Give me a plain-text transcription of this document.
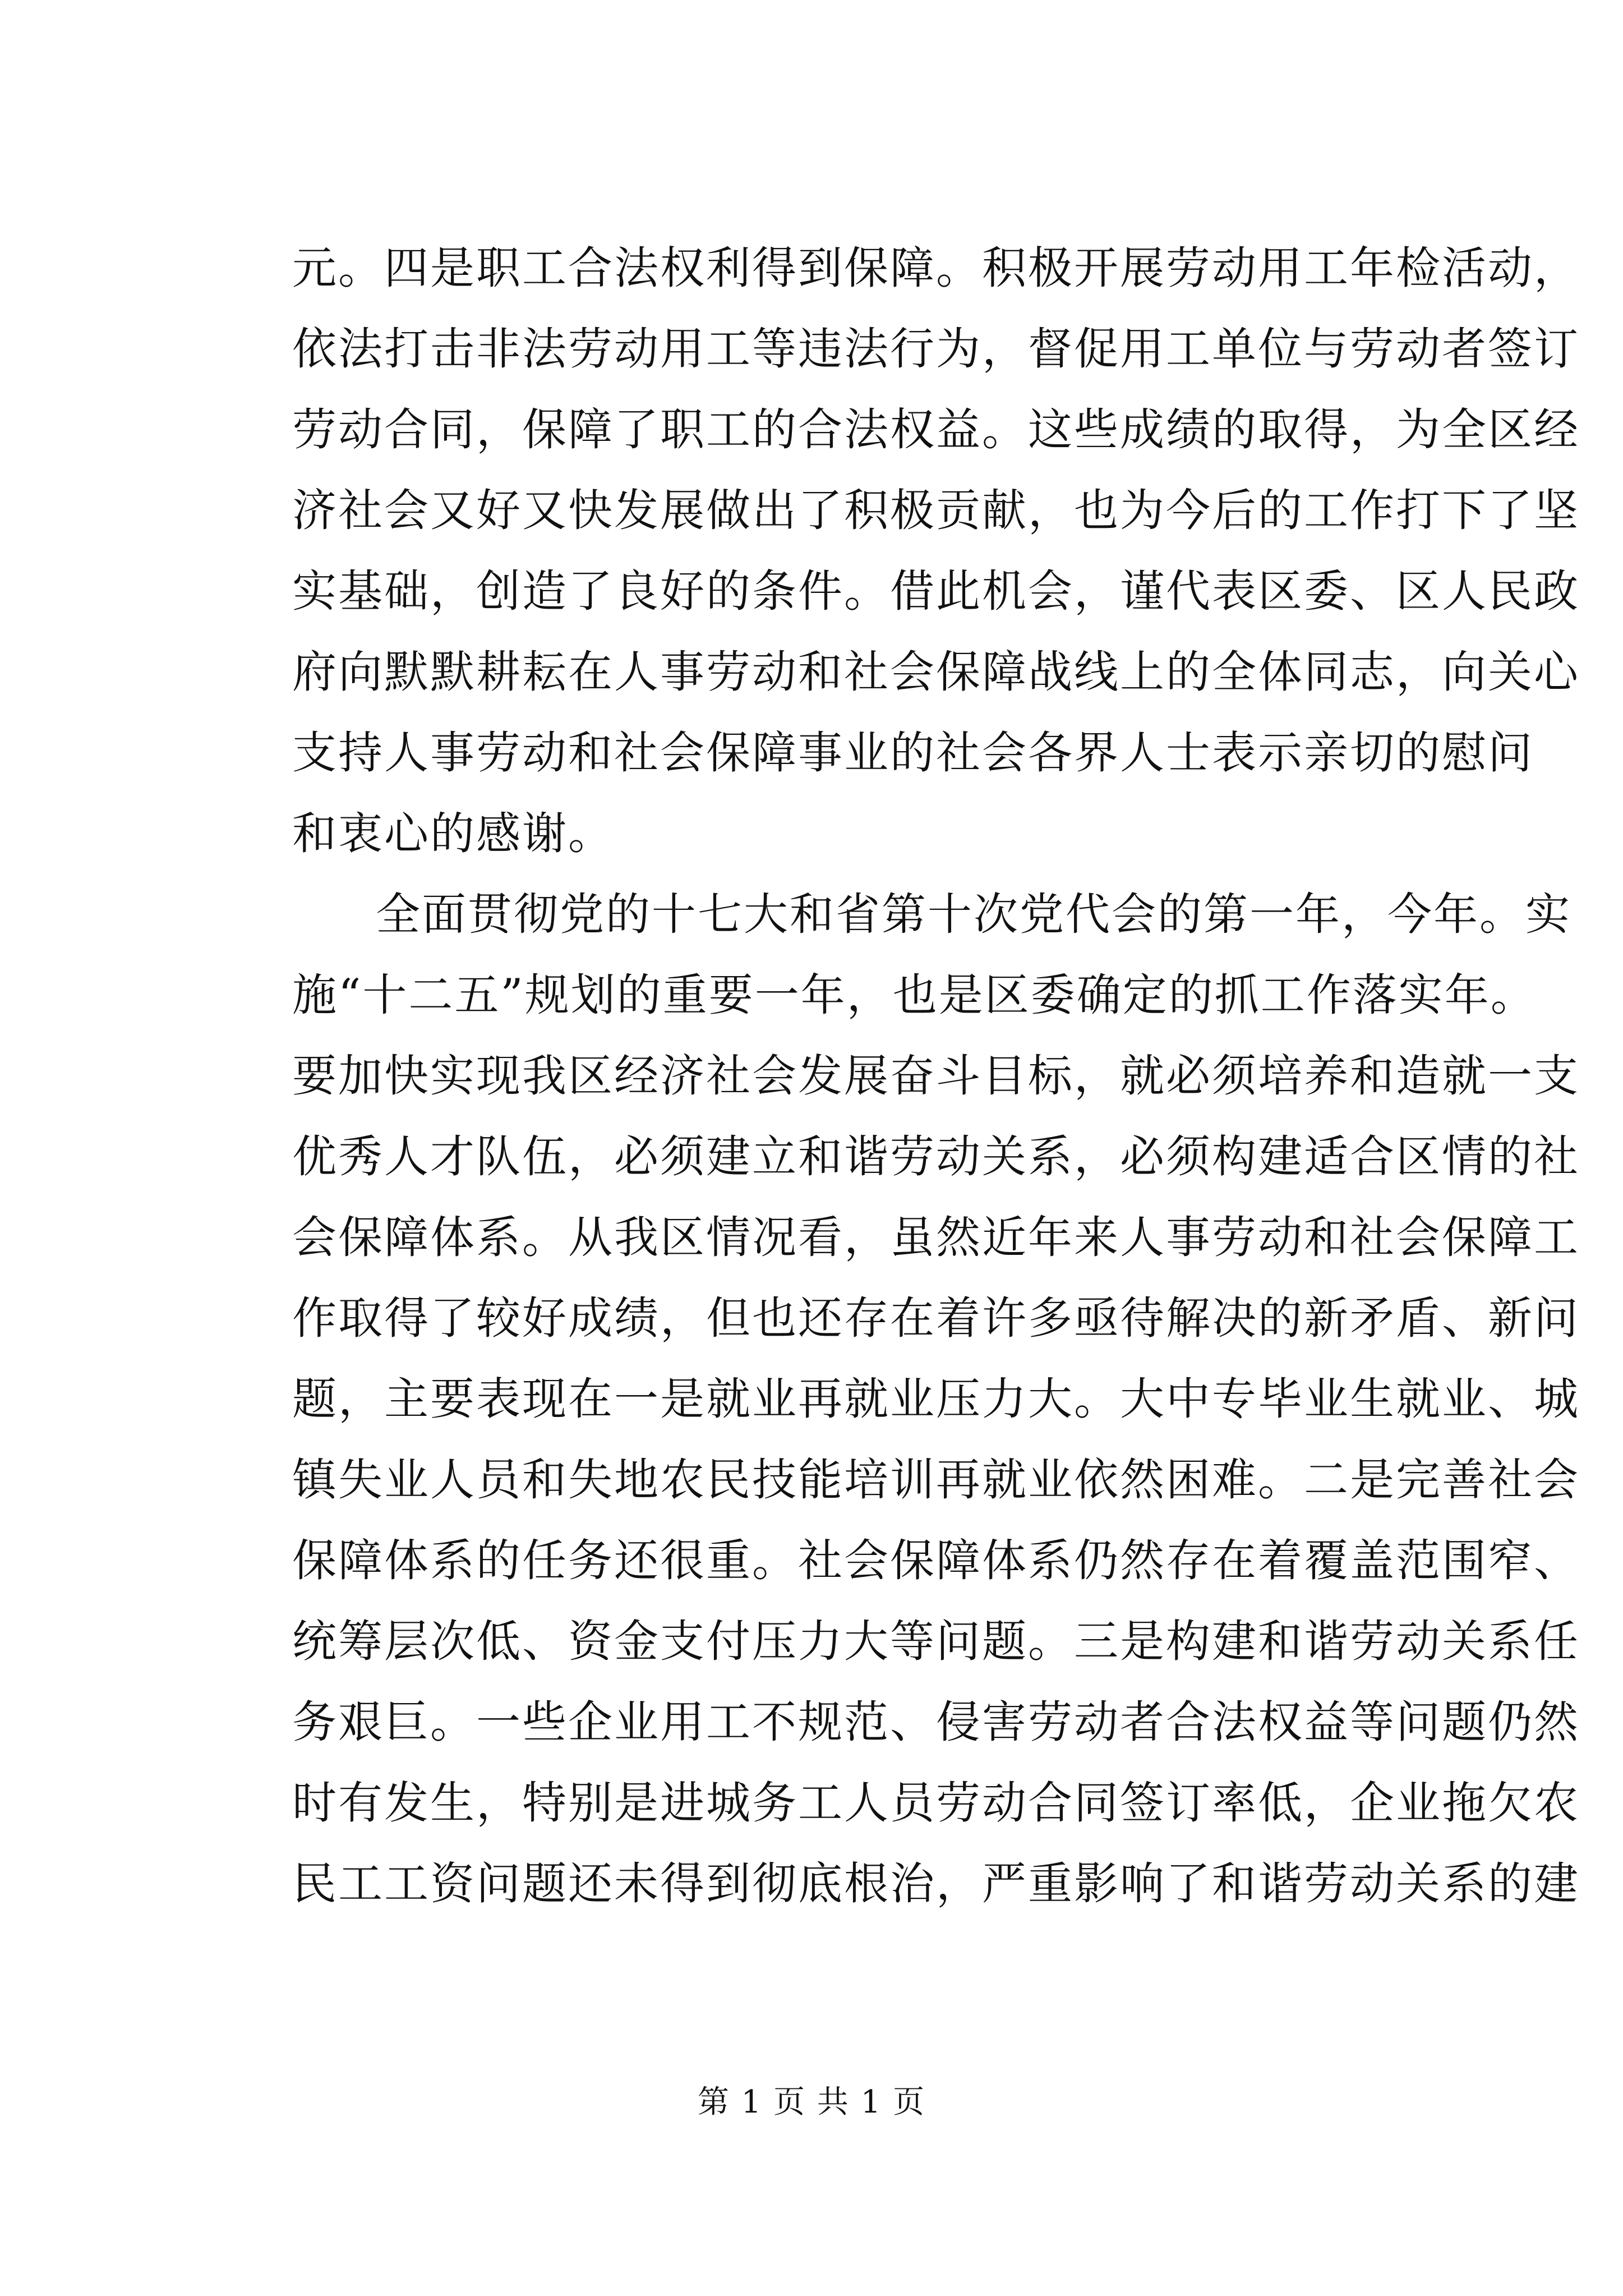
元。四是职工合法权利得到保障。积极开展劳动用工年检活动，
依法打击非法劳动用工等违法行为，督促用工单位与劳动者签订
劳动合同，保障了职工的合法权益。这些成绩的取得，为全区经
济社会又好又快发展做出了积极贡献，也为今后的工作打下了坚
实基础，创造了良好的条件。借此机会，谨代表区委、区人民政
府向默默耕耘在人事劳动和社会保障战线上的全体同志，向关心
支持人事劳动和社会保障事业的社会各界人士表示亲切的慰问
和衷心的感谢。
全面贯彻党的十七大和省第十次党代会的第一年，今年。实
施“十二五”规划的重要一年，也是区委确定的抓工作落实年。
要加快实现我区经济社会发展奋斗目标，就必须培养和造就一支
优秀人才队伍，必须建立和谐劳动关系，必须构建适合区情的社
会保障体系。从我区情况看，虽然近年来人事劳动和社会保障工
作取得了较好成绩，但也还存在着许多亟待解决的新矛盾、新问
题，主要表现在一是就业再就业压力大。大中专毕业生就业、城
镇失业人员和失地农民技能培训再就业依然困难。二是完善社会
保障体系的任务还很重。社会保障体系仍然存在着覆盖范围窄、
统筹层次低、资金支付压力大等问题。三是构建和谐劳动关系任
务艰巨。一些企业用工不规范、侵害劳动者合法权益等问题仍然
时有发生，特别是进城务工人员劳动合同签订率低，企业拖欠农
民工工资问题还未得到彻底根治，严重影响了和谐劳动关系的建
第 1 页 共 1 页
